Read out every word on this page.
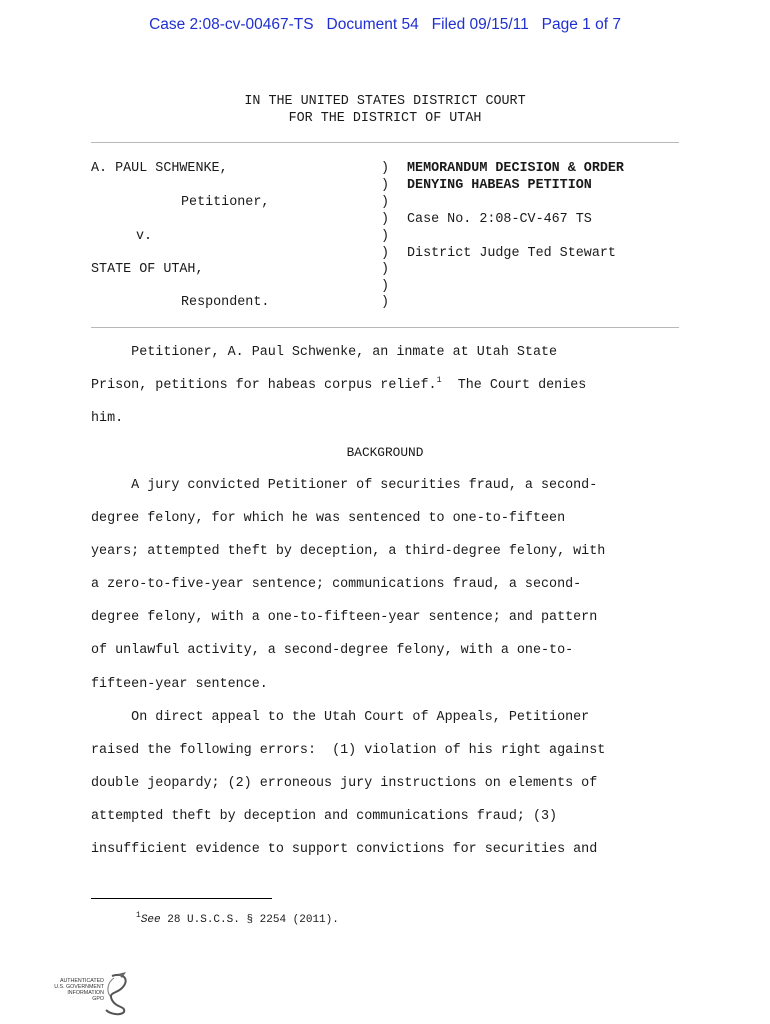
Case 2:08-cv-00467-TS   Document 54   Filed 09/15/11   Page 1 of 7
IN THE UNITED STATES DISTRICT COURT
FOR THE DISTRICT OF UTAH
A. PAUL SCHWENKE,
Petitioner,
v.
STATE OF UTAH,
Respondent.
)
)
)
)
)
)
)
)
)
MEMORANDUM DECISION & ORDER
DENYING HABEAS PETITION
Case No. 2:08-CV-467 TS
District Judge Ted Stewart
Petitioner, A. Paul Schwenke, an inmate at Utah State
Prison, petitions for habeas corpus relief.$^1$  The Court denies
him.
BACKGROUND
A jury convicted Petitioner of securities fraud, a second-
degree felony, for which he was sentenced to one-to-fifteen
years; attempted theft by deception, a third-degree felony, with
a zero-to-five-year sentence; communications fraud, a second-
degree felony, with a one-to-fifteen-year sentence; and pattern
of unlawful activity, a second-degree felony, with a one-to-
fifteen-year sentence.
On direct appeal to the Utah Court of Appeals, Petitioner
raised the following errors:  (1) violation of his right against
double jeopardy; (2) erroneous jury instructions on elements of
attempted theft by deception and communications fraud; (3)
insufficient evidence to support convictions for securities and
$^1$See 28 U.S.C.S. § 2254 (2011).
AUTHENTICATED
U.S. GOVERNMENT
INFORMATION
GPO
